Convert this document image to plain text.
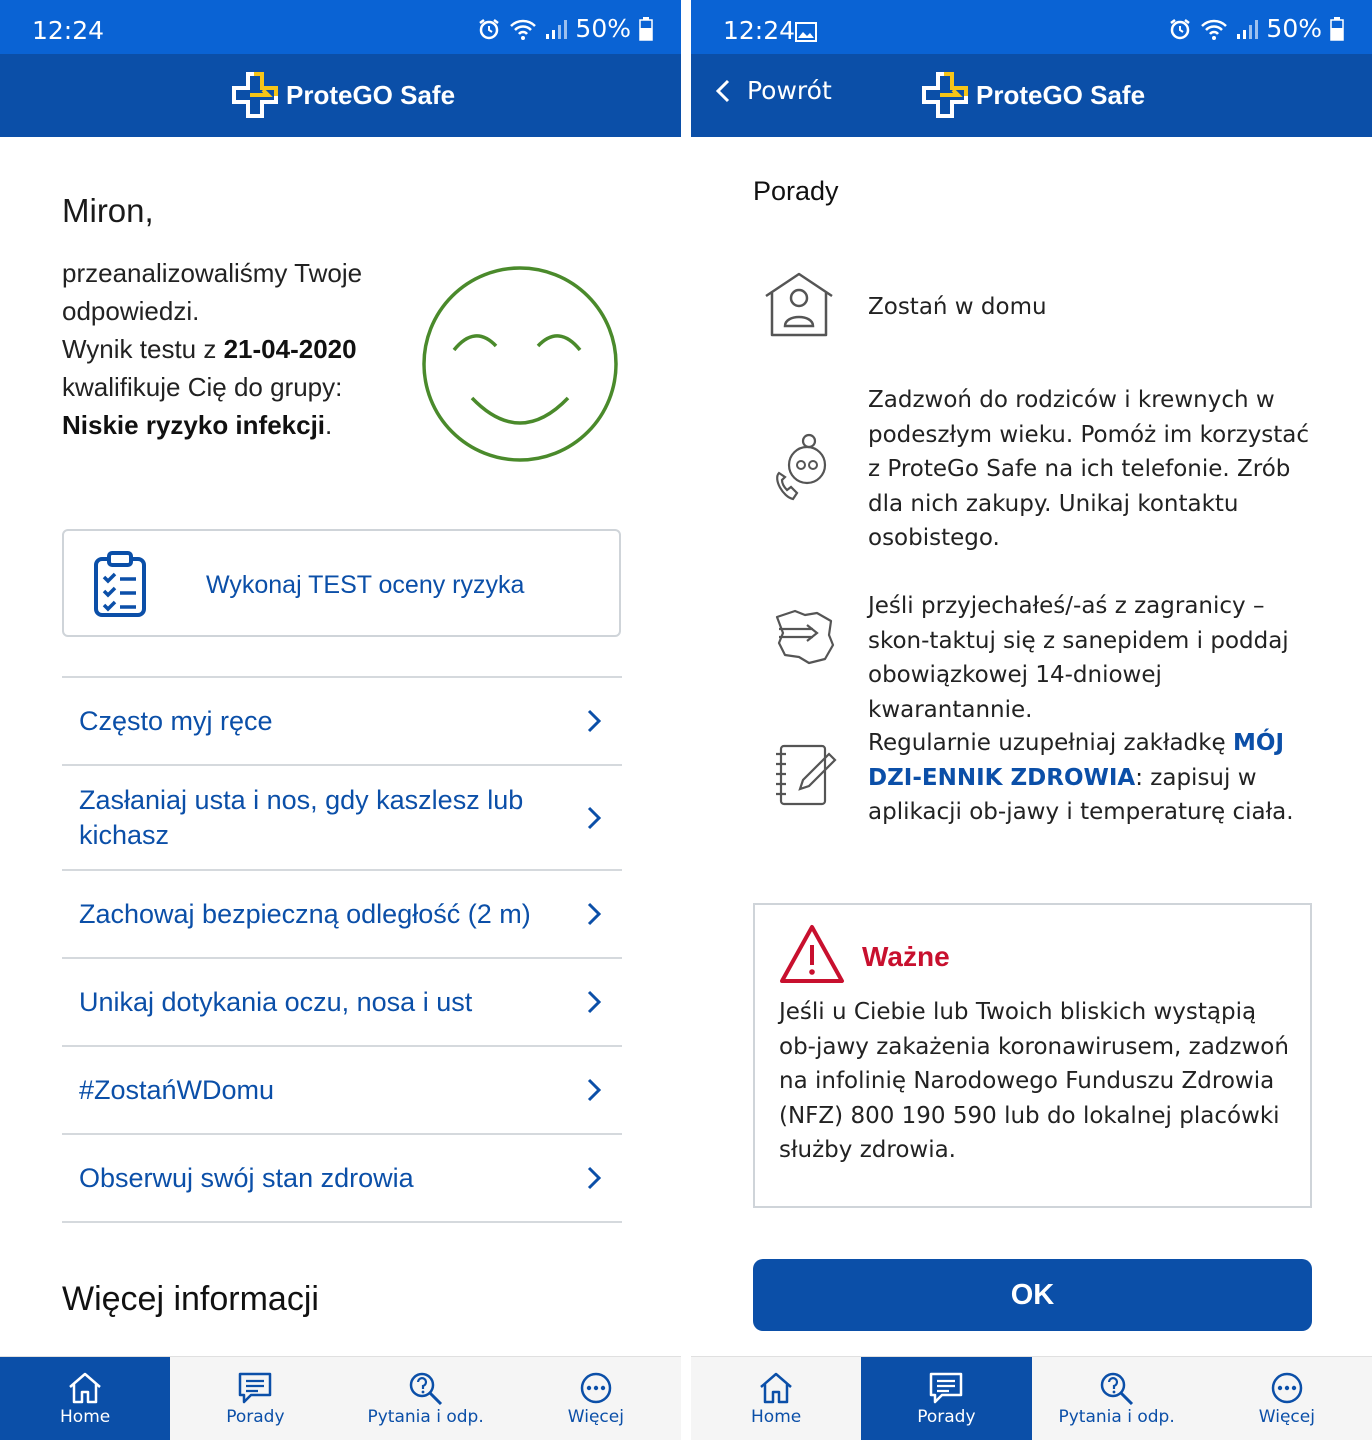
12:24	50%
ProteGO Safe
Miron,
przeanalizowaliśmy Twoje odpowiedzi.
Wynik testu z 21-04-2020
kwalifikuje Cię do grupy: Niskie ryzyko infekcji.
Wykonaj TEST oceny ryzyka
Często myj ręce
Zasłaniaj usta i nos, gdy kaszlesz lub kichasz
Zachowaj bezpieczną odległość (2 m)
Unikaj dotykania oczu, nosa i ust
#ZostańWDomu
Obserwuj swój stan zdrowia
Więcej informacji
Home	Porady	Pytania i odp.	Więcej
12:24	50%
Powrót	ProteGO Safe
Porady
Zostań w domu
Zadzwoń do rodziców i krewnych w podeszłym wieku. Pomóż im korzystać z ProteGo Safe na ich telefonie. Zrób dla nich zakupy. Unikaj kontaktu osobistego.
Jeśli przyjechałeś/-aś z zagranicy – skon-taktuj się z sanepidem i poddaj obowiązkowej 14-dniowej kwarantannie.
Regularnie uzupełniaj zakładkę MÓJ DZI-ENNIK ZDROWIA: zapisuj w aplikacji ob-jawy i temperaturę ciała.
Ważne
Jeśli u Ciebie lub Twoich bliskich wystąpią ob-jawy zakażenia koronawirusem, zadzwoń na infolinię Narodowego Funduszu Zdrowia (NFZ) 800 190 590 lub do lokalnej placówki służby zdrowia.
OK
Home	Porady	Pytania i odp.	Więcej
